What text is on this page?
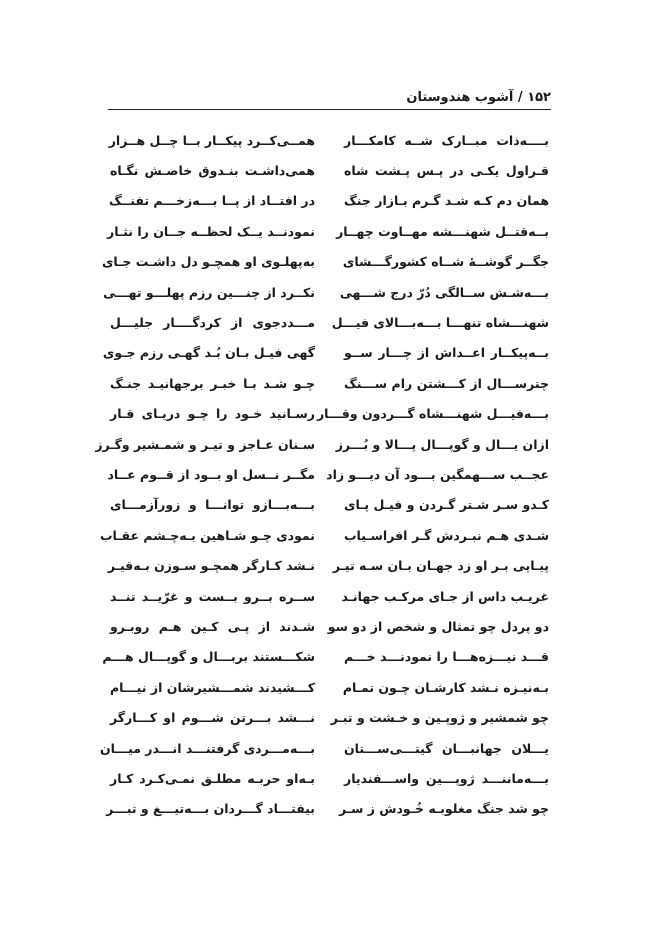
۱۵۲ / آشوب هندوستان
بــــه‌ذات مبــارک شــه کامکـــار
همــی‌کــرد پیکــار بــا چــل هــزار
قـراول یکـی در پـس پـشت شاه
همی‌داشـت بنـدوق خاصـش نگـاه
همان دم کـه شـد گـرم بـازار جنگ
در افتــاد از پــا بـــه‌زخـــم تفنــگ
بــه‌قتــل شهنـــشه مهــاوت چهــار
نمودنــد یــک لحظــه جــان را نثـار
جگــر گوشــهٔ شــاه کشورگـــشای
به‌پهلـوی او همچـو دل داشـت جـای
بـــه‌شـش ســالگی دُرّ درج شـــهی
نکــرد از چنـــین رزم پهلـــو تهـــی
شهنـــشاه تنهـــا بـــه‌بـــالای فیـــل
مـــددجوی از کردگــــار جلیـــل
بــه‌پیکــار اعــداش از چـــار ســو
گهی فیـل بـان بُـد گهـی رزم جـوی
چترســـال از کـــشتن رام ســـنگ
چـو شـد بـا خبـر برجهانیـد جنـگ
بـــه‌فیـــل شهنـــشاه گـــردون وقـــار
رسـانید خـود را چـو دریـای قـار
ازان یـــال و گوپـــال پـــالا و بُـــرز
سـنان عـاجز و تیـر و شمـشیر وگـرز
عجــب ســـهمگین بـــود آن دیـــو زاد
مگــر نــسل او بــود از قــوم عــاد
کـدو سـر شـتر گـردن و فیـل پـای
بـــه‌بـــازو توانـــا و زورآزمـــای
شـدی هـم نبـردش گـر افراسـیاب
نمودی چـو شـاهین بـه‌چـشم عقـاب
پیـاپی بـر او زد جهـان بـان سـه تیـر
نـشد کـارگر همچـو سـوزن بـه‌قیـر
غریـب داس از جـای مرکـب جهانـد
ســره بــرو بــست و غرّیــد تنــد
دو پردل چو تمثال و شخص از دو سو
شـدند از پـی کـین هـم روبـرو
قـــد نیـــزه‌هـــا را نمودنـــد خـــم
شکـــستند بربـــال و گوپـــال هـــم
بـه‌نیـزه نـشد کارشـان چـون تمـام
کـــشیدند شمـــشیرشان از نیـــام
چو شمشیر و ژوپـین و خـشت و تبـر
نـــشد بـــرتن شـــوم او کـــارگر
یـــلان جهانبـــان گیتـــی‌ســـتان
بـــه‌مـــردی گرفتنـــد انـــدر میـــان
بـــه‌ماننـــد ژوپـــین واســـفندیار
بـه‌او حربـه مطلـق نمـی‌کـرد کـار
چو شد جنگ مغلوبـه خُـودش ز سـر
بیفتـــاد گـــردان بـــه‌تیـــغ و تبـــر
